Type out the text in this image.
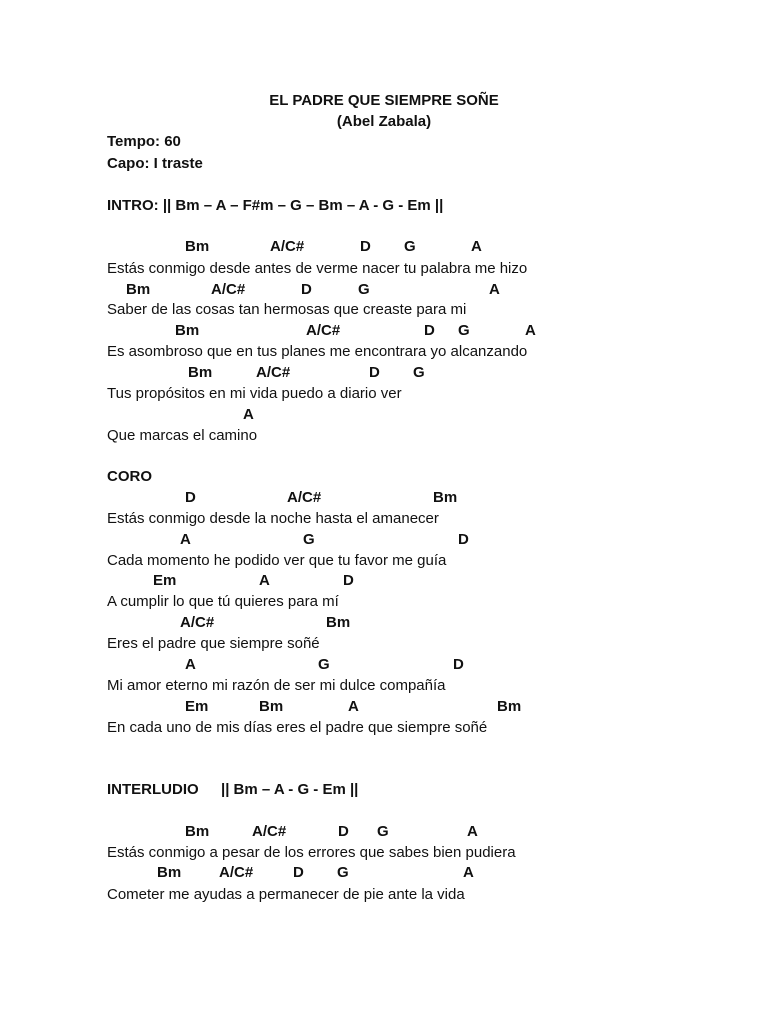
EL PADRE QUE SIEMPRE SOÑE
(Abel Zabala)
Tempo: 60
Capo: I traste
INTRO: || Bm – A – F#m – G – Bm – A - G - Em ||
Bm	A/C#	D G	A
Estás conmigo desde antes de verme nacer tu palabra me hizo
Bm	A/C#	D	G	A
Saber de las cosas tan hermosas que creaste para mi
Bm	A/C#	D G	A
Es asombroso que en tus planes me encontrara yo alcanzando
Bm	A/C#	D G
Tus propósitos en mi vida puedo a diario ver
A
Que marcas el camino
CORO
D	A/C#	Bm
Estás conmigo desde la noche hasta el amanecer
A	G	D
Cada momento he podido ver que tu favor me guía
Em	A	D
A cumplir lo que tú quieres para mí
A/C#	Bm
Eres el padre que siempre soñé
A	G	D
Mi amor eterno mi razón de ser mi dulce compañía
Em	Bm	A	Bm
En cada uno de mis días eres el padre que siempre soñé
INTERLUDIO || Bm – A - G - Em ||
Bm	A/C#	D G	A
Estás conmigo a pesar de los errores que sabes bien pudiera
Bm	A/C#	D G	A
Cometer me ayudas a permanecer de pie ante la vida
